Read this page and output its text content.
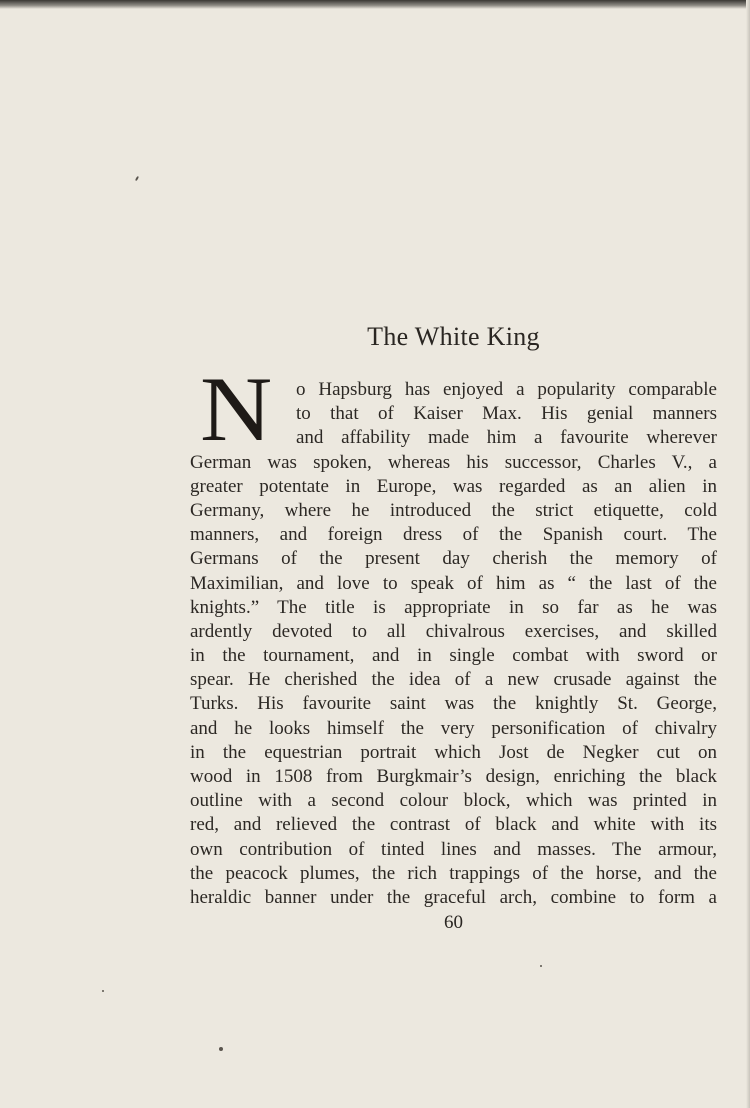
The White King
N	o Hapsburg has enjoyed a popularity comparable
to that of Kaiser Max. His genial manners
and affability made him a favourite wherever
German was spoken, whereas his successor, Charles V., a
greater potentate in Europe, was regarded as an alien in
Germany, where he introduced the strict etiquette, cold
manners, and foreign dress of the Spanish court. The
Germans of the present day cherish the memory of
Maximilian, and love to speak of him as “ the last of the
knights.” The title is appropriate in so far as he was
ardently devoted to all chivalrous exercises, and skilled
in the tournament, and in single combat with sword or
spear. He cherished the idea of a new crusade against the
Turks. His favourite saint was the knightly St. George,
and he looks himself the very personification of chivalry
in the equestrian portrait which Jost de Negker cut on
wood in 1508 from Burgkmair’s design, enriching the black
outline with a second colour block, which was printed in
red, and relieved the contrast of black and white with its
own contribution of tinted lines and masses. The armour,
the peacock plumes, the rich trappings of the horse, and the
heraldic banner under the graceful arch, combine to form a
60
